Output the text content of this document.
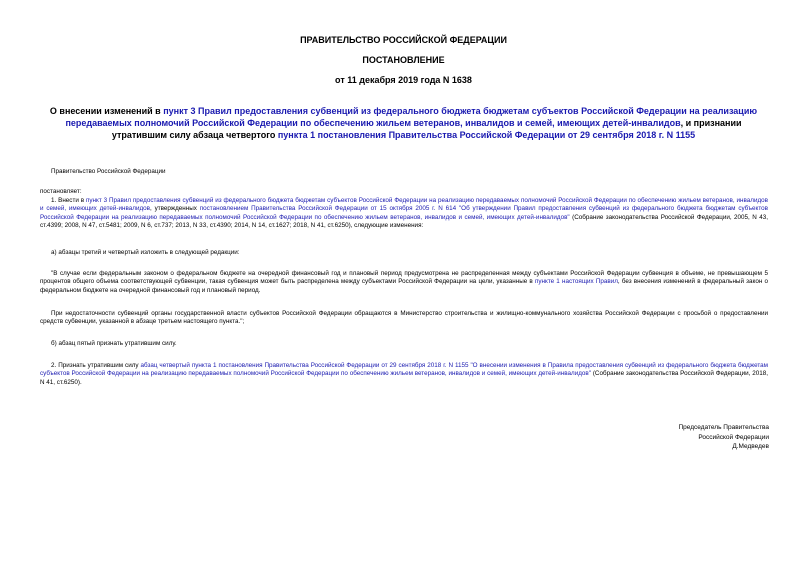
ПРАВИТЕЛЬСТВО РОССИЙСКОЙ ФЕДЕРАЦИИ
ПОСТАНОВЛЕНИЕ
от 11 декабря 2019 года N 1638
О внесении изменений в пункт 3 Правил предоставления субвенций из федерального бюджета бюджетам субъектов Российской Федерации на реализацию передаваемых полномочий Российской Федерации по обеспечению жильем ветеранов, инвалидов и семей, имеющих детей-инвалидов, и признании утратившим силу абзаца четвертого пункта 1 постановления Правительства Российской Федерации от 29 сентября 2018 г. N 1155
Правительство Российской Федерации
постановляет:
1. Внести в пункт 3 Правил предоставления субвенций из федерального бюджета бюджетам субъектов Российской Федерации на реализацию передаваемых полномочий Российской Федерации по обеспечению жильем ветеранов, инвалидов и семей, имеющих детей-инвалидов, утвержденных постановлением Правительства Российской Федерации от 15 октября 2005 г. N 614 "Об утверждении Правил предоставления субвенций из федерального бюджета бюджетам субъектов Российской Федерации на реализацию передаваемых полномочий Российской Федерации по обеспечению жильем ветеранов, инвалидов и семей, имеющих детей-инвалидов" (Собрание законодательства Российской Федерации, 2005, N 43, ст.4399; 2008, N 47, ст.5481; 2009, N 6, ст.737; 2013, N 33, ст.4390; 2014, N 14, ст.1627; 2018, N 41, ст.6250), следующие изменения:
а) абзацы третий и четвертый изложить в следующей редакции:
"В случае если федеральным законом о федеральном бюджете на очередной финансовый год и плановый период предусмотрена не распределенная между субъектами Российской Федерации субвенция в объеме, не превышающем 5 процентов общего объема соответствующей субвенции, такая субвенция может быть распределена между субъектами Российской Федерации на цели, указанные в пункте 1 настоящих Правил, без внесения изменений в федеральный закон о федеральном бюджете на очередной финансовый год и плановый период.
При недостаточности субвенций органы государственной власти субъектов Российской Федерации обращаются в Министерство строительства и жилищно-коммунального хозяйства Российской Федерации с просьбой о предоставлении средств субвенции, указанной в абзаце третьем настоящего пункта.";
б) абзац пятый признать утратившим силу.
2. Признать утратившим силу абзац четвертый пункта 1 постановления Правительства Российской Федерации от 29 сентября 2018 г. N 1155 "О внесении изменения в Правила предоставления субвенций из федерального бюджета бюджетам субъектов Российской Федерации на реализацию передаваемых полномочий Российской Федерации по обеспечению жильем ветеранов, инвалидов и семей, имеющих детей-инвалидов" (Собрание законодательства Российской Федерации, 2018, N 41, ст.6250).
Председатель Правительства
Российской Федерации
Д.Медведев
